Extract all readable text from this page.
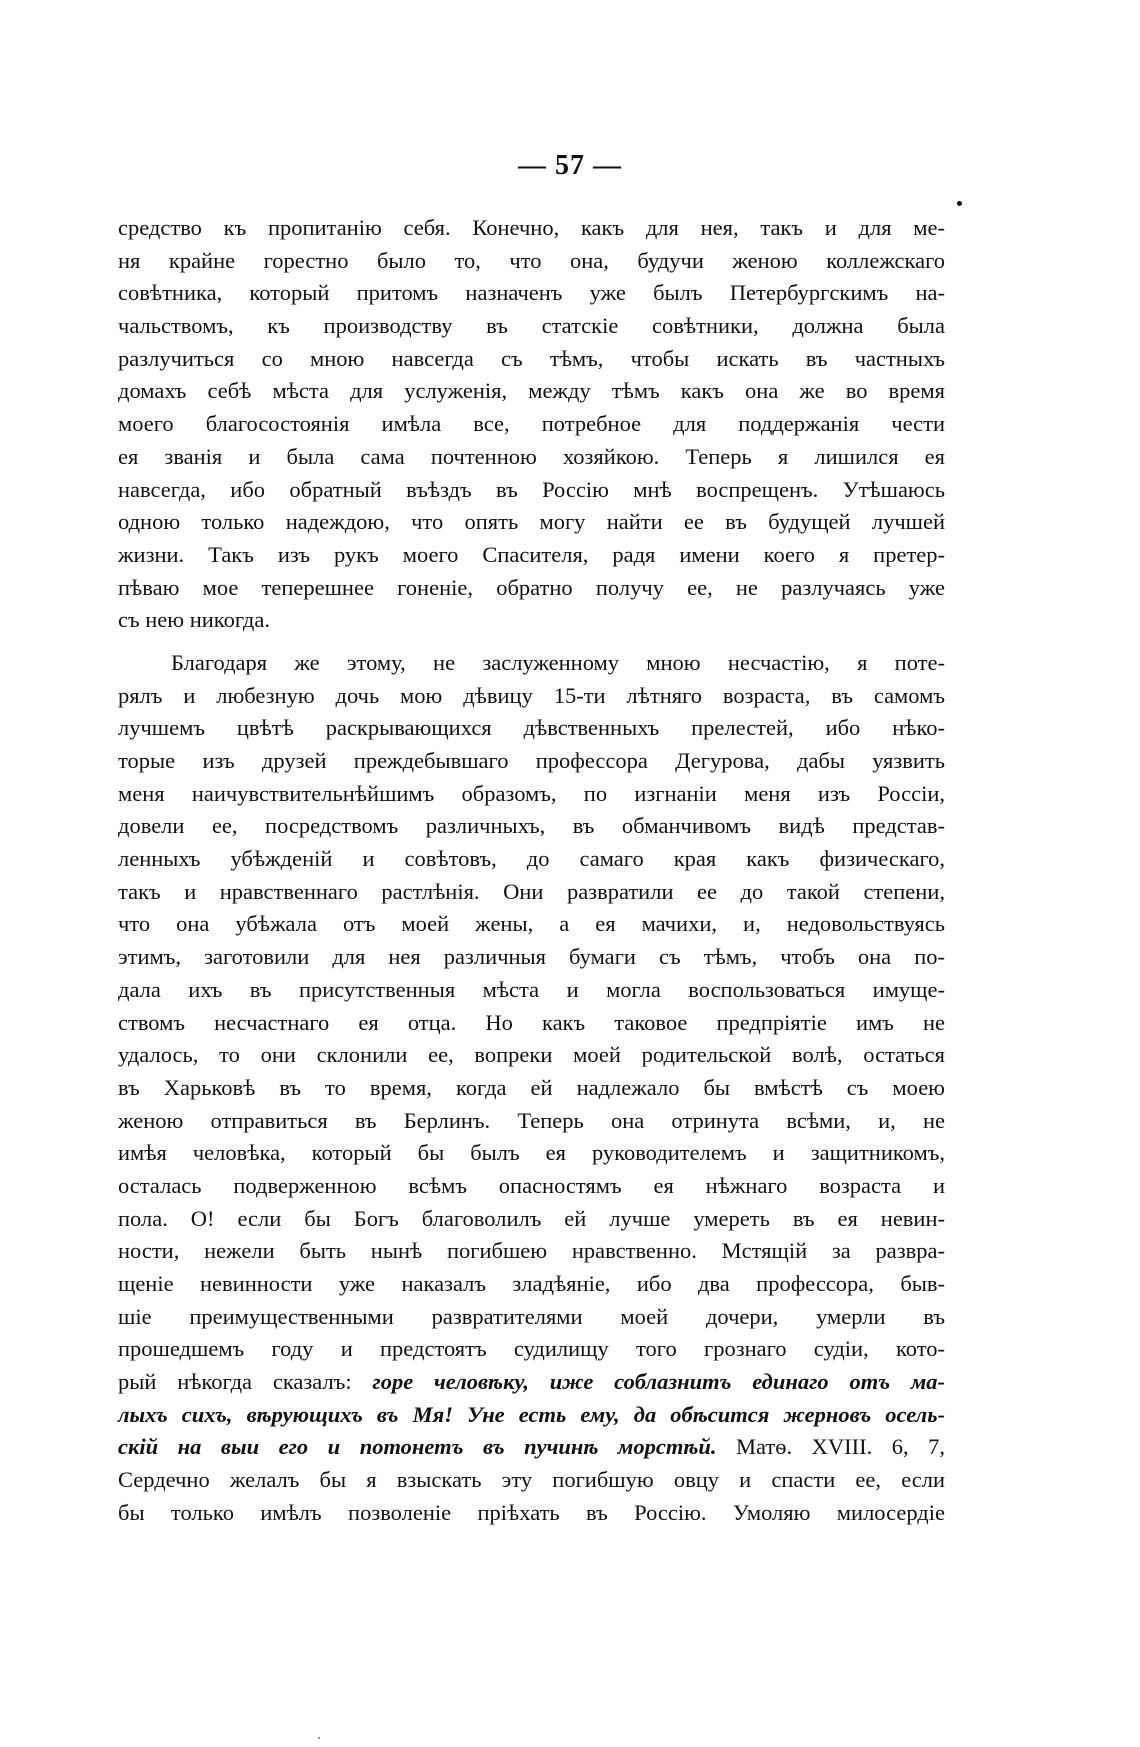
— 57 —
средство къ пропитанію себя. Конечно, какъ для нея, такъ и для ме-
ня крайне горестно было то, что она, будучи женою коллежскаго
совѣтника, который притомъ назначенъ уже былъ Петербургскимъ на-
чальствомъ, къ производству въ статскіе совѣтники, должна была
разлучиться со мною навсегда съ тѣмъ, чтобы искать въ частныхъ
домахъ себѣ мѣста для услуженія, между тѣмъ какъ она же во время
моего благосостоянія имѣла все, потребное для поддержанія чести
ея званія и была сама почтенною хозяйкою. Теперь я лишился ея
навсегда, ибо обратный въѣздъ въ Россію мнѣ воспрещенъ. Утѣшаюсь
одною только надеждою, что опять могу найти ее въ будущей лучшей
жизни. Такъ изъ рукъ моего Спасителя, радя имени коего я претер-
пѣваю мое теперешнее гоненіе, обратно получу ее, не разлучаясь уже
съ нею никогда.
Благодаря же этому, не заслуженному мною несчастію, я поте-
рялъ и любезную дочь мою дѣвицу 15-ти лѣтняго возраста, въ самомъ
лучшемъ цвѣтѣ раскрывающихся дѣвственныхъ прелестей, ибо нѣко-
торые изъ друзей преждебывшаго профессора Дегурова, дабы уязвить
меня наичувствительнѣйшимъ образомъ, по изгнаніи меня изъ Россіи,
довели ее, посредствомъ различныхъ, въ обманчивомъ видѣ представ-
ленныхъ убѣжденій и совѣтовъ, до самаго края какъ физическаго,
такъ и нравственнаго растлѣнія. Они развратили ее до такой степени,
что она убѣжала отъ моей жены, а ея мачихи, и, недовольствуясь
этимъ, заготовили для нея различныя бумаги съ тѣмъ, чтобъ она по-
дала ихъ въ присутственныя мѣста и могла воспользоваться имуще-
ствомъ несчастнаго ея отца. Но какъ таковое предпріятіе имъ не
удалось, то они склонили ее, вопреки моей родительской волѣ, остаться
въ Харьковѣ въ то время, когда ей надлежало бы вмѣстѣ съ моею
женою отправиться въ Берлинъ. Теперь она отринута всѣми, и, не
имѣя человѣка, который бы былъ ея руководителемъ и защитникомъ,
осталась подверженною всѣмъ опасностямъ ея нѣжнаго возраста и
пола. О! если бы Богъ благоволилъ ей лучше умереть въ ея невин-
ности, нежели быть нынѣ погибшею нравственно. Мстящій за развра-
щеніе невинности уже наказалъ зладѣяніе, ибо два профессора, быв-
шіе преимущественными развратителями моей дочери, умерли въ
прошедшемъ году и предстоятъ судилищу того грознаго судіи, кото-
рый нѣкогда сказалъ: горе человѣку, иже соблазнитъ единаго отъ ма-
лыхъ сихъ, вѣрующихъ въ Мя! Уне есть ему, да обѣсится жерновъ осель-
скій на выи его и потонетъ въ пучинѣ морстѣй. Матѳ. XVIII. 6, 7,
Сердечно желалъ бы я взыскать эту погибшую овцу и спасти ее, если
бы только имѣлъ позволеніе пріѣхать въ Россію. Умоляю милосердіе
